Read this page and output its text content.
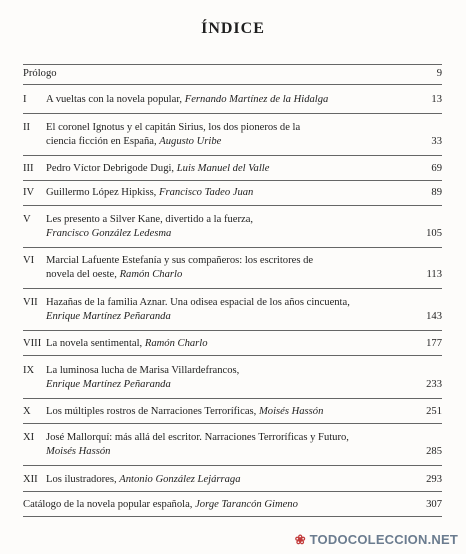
ÍNDICE
Prólogo	9
I	A vueltas con la novela popular, Fernando Martínez de la Hidalga	13
II	El coronel Ignotus y el capitán Sirius, los dos pioneros de la
ciencia ficción en España, Augusto Uribe	33
III	Pedro Víctor Debrigode Dugi, Luis Manuel del Valle	69
IV	Guillermo López Hipkiss, Francisco Tadeo Juan	89
V	Les presento a Silver Kane, divertido a la fuerza,
Francisco González Ledesma	105
VI	Marcial Lafuente Estefanía y sus compañeros: los escritores de
novela del oeste, Ramón Charlo	113
VII Hazañas de la familia Aznar. Una odisea espacial de los años cincuenta,
Enrique Martínez Peñaranda	143
VIII La novela sentimental, Ramón Charlo	177
IX	La luminosa lucha de Marisa Villardefrancos,
Enrique Martínez Peñaranda	233
X	Los múltiples rostros de Narraciones Terroríficas, Moisés Hassón	251
XI	José Mallorquí: más allá del escritor. Narraciones Terroríficas y Futuro,
Moisés Hassón	285
XII Los ilustradores, Antonio González Lejárraga	293
Catálogo de la novela popular española, Jorge Tarancón Gimeno	307
❀ TODOCOLECCION.NET
